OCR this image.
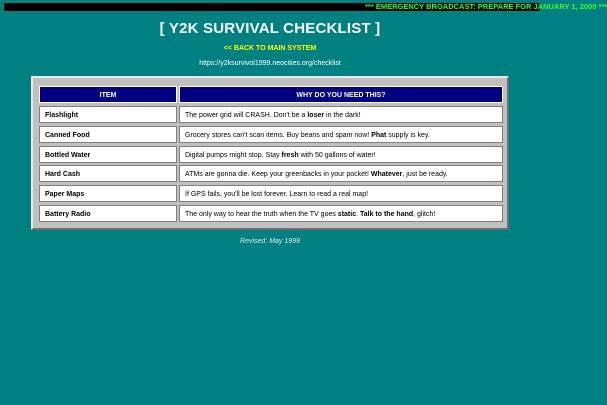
*** EMERGENCY BROADCAST: PREPARE FOR JANUARY 1, 2000 ***
[ Y2K SURVIVAL CHECKLIST ]
<< BACK TO MAIN SYSTEM
https://y2ksurvivol1999.neocities.org/checklist
ITEM	WHY DO YOU NEED THIS?
Flashlight	The power grid will CRASH. Don't be a loser in the dark!
Canned Food	Grocery stores can't scan items. Buy beans and spam now! Phat supply is key.
Bottled Water	Digital pumps might stop. Stay fresh with 50 gallons of water!
Hard Cash	ATMs are gonna die. Keep your greenbacks in your pocket! Whatever, just be ready.
Paper Maps	If GPS fails, you'll be lost forever. Learn to read a real map!
Battery Radio	The only way to hear the truth when the TV goes static. Talk to the hand, glitch!
Revised: May 1999
